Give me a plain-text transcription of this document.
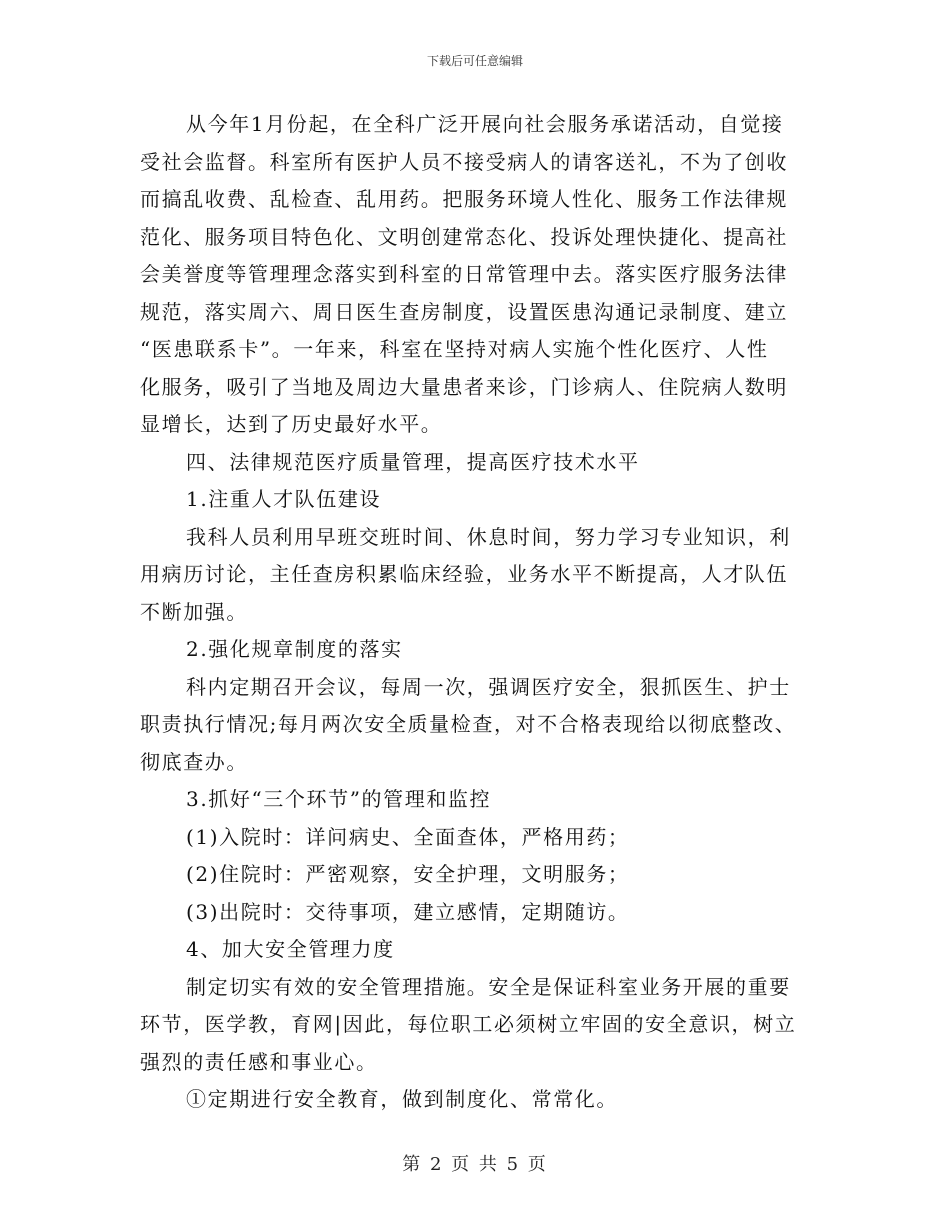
下载后可任意编辑
从今年1月份起，在全科广泛开展向社会服务承诺活动，自觉接
受社会监督。科室所有医护人员不接受病人的请客送礼，不为了创收
而搞乱收费、乱检查、乱用药。把服务环境人性化、服务工作法律规
范化、服务项目特色化、文明创建常态化、投诉处理快捷化、提高社
会美誉度等管理理念落实到科室的日常管理中去。落实医疗服务法律
规范，落实周六、周日医生查房制度，设置医患沟通记录制度、建立
“医患联系卡”。一年来，科室在坚持对病人实施个性化医疗、人性
化服务，吸引了当地及周边大量患者来诊，门诊病人、住院病人数明
显增长，达到了历史最好水平。
四、法律规范医疗质量管理，提高医疗技术水平
1.注重人才队伍建设
我科人员利用早班交班时间、休息时间，努力学习专业知识，利
用病历讨论，主任查房积累临床经验，业务水平不断提高，人才队伍
不断加强。
2.强化规章制度的落实
科内定期召开会议，每周一次，强调医疗安全，狠抓医生、护士
职责执行情况;每月两次安全质量检查，对不合格表现给以彻底整改、
彻底查办。
3.抓好“三个环节”的管理和监控
(1)入院时：详问病史、全面查体，严格用药；
(2)住院时：严密观察，安全护理，文明服务；
(3)出院时：交待事项，建立感情，定期随访。
4、加大安全管理力度
制定切实有效的安全管理措施。安全是保证科室业务开展的重要
环节，医学教，育网|因此，每位职工必须树立牢固的安全意识，树立
强烈的责任感和事业心。
①定期进行安全教育，做到制度化、常常化。
第 2 页 共 5 页
